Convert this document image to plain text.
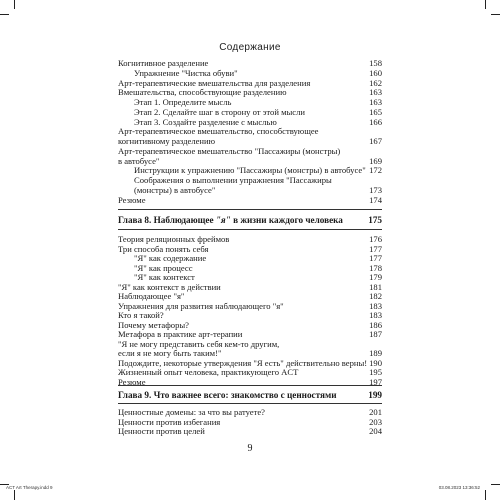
Содержание
Когнитивное разделение	158
Упражнение "Чистка обуви"	160
Арт-терапевтические вмешательства для разделения	162
Вмешательства, способствующие разделению	163
Этап 1. Определите мысль	163
Этап 2. Сделайте шаг в сторону от этой мысли	165
Этап 3. Создайте разделение с мыслью	166
Арт-терапевтическое вмешательство, способствующее
когнитивному разделению	167
Арт-терапевтическое вмешательство "Пассажиры (монстры)
в автобусе"	169
Инструкции к упражнению "Пассажиры (монстры) в автобусе" 172
Соображения о выполнении упражнения "Пассажиры
(монстры) в автобусе"	173
Резюме	174
Глава 8. Наблюдающее "я" в жизни каждого человека	175
Теория реляционных фреймов	176
Три способа понять себя	177
"Я" как содержание	177
"Я" как процесс	178
"Я" как контекст	179
"Я" как контекст в действии	181
Наблюдающее "я"	182
Упражнения для развития наблюдающего "я"	183
Кто я такой?	183
Почему метафоры?	186
Метафора в практике арт-терапии	187
"Я не могу представить себя кем-то другим,
если я не могу быть таким!"	189
Подождите, некоторые утверждения "Я есть" действительно верны! 190
Жизненный опыт человека, практикующего ACT	195
Резюме	197
Глава 9. Что важнее всего: знакомство с ценностями	199
Ценностные домены: за что вы ратуете?	201
Ценности против избегания	203
Ценности против целей	204
9
ACT Art Therapy.indd 9	03.08.2023 13:36:52
